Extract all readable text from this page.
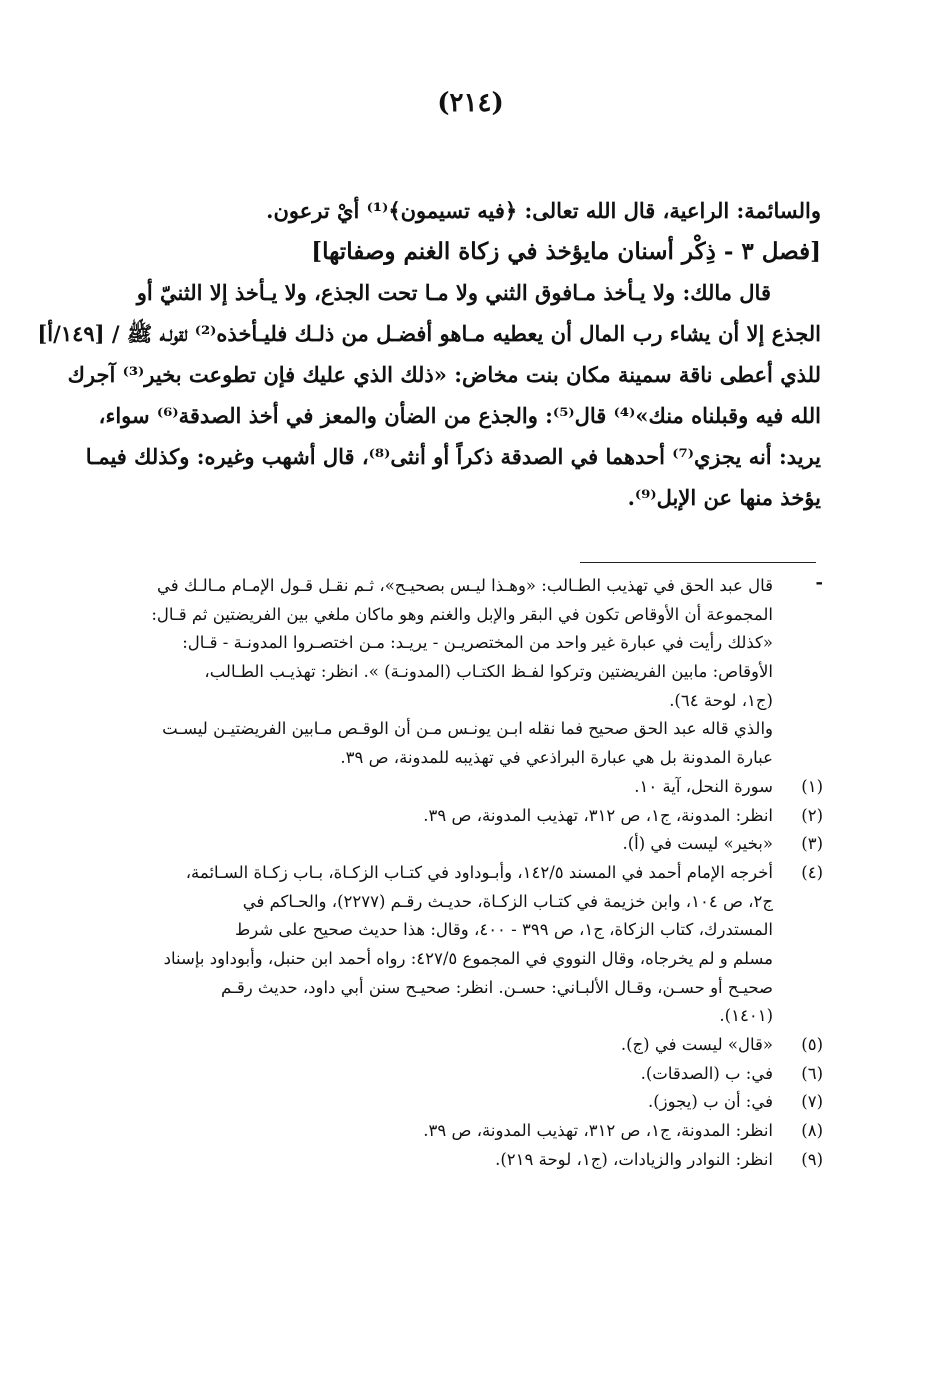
(٢١٤)
والسائمة: الراعية، قال الله تعالى: ﴿فيه تسيمون﴾⁽¹⁾ أيْ ترعون.
[فصل ٣ - ذِكْر أسنان مايؤخذ في زكاة الغنم وصفاتها]
قال مالك: ولا يـأخذ مـافوق الثني ولا مـا تحت الجذع، ولا يـأخذ إلا الثنيّ أو
الجذع إلا أن يشاء رب المال أن يعطيه مـاهو أفضـل من ذلـك فليـأخذه⁽²⁾ لقولـه ﷺ / [١٤٩/أ]
للذي أعطى ناقة سمينة مكان بنت مخاض: «ذلك الذي عليك فإن تطوعت بخير⁽³⁾ آجرك
الله فيه وقبلناه منك»⁽⁴⁾ قال⁽⁵⁾: والجذع من الضأن والمعز في أخذ الصدقة⁽⁶⁾ سواء،
يريد: أنه يجزي⁽⁷⁾ أحدهما في الصدقة ذكراً أو أنثى⁽⁸⁾، قال أشهب وغيره: وكذلك فيمـا
يؤخذ منها عن الإبل⁽⁹⁾.
-
قال عبد الحق في تهذيب الطـالب: «وهـذا ليـس بصحيـح»، ثـم نقـل قـول الإمـام مـالـك في
المجموعة أن الأوقاص تكون في البقر والإبل والغنم وهو ماكان ملغي بين الفريضتين ثم قـال:
«كذلك رأيت في عبارة غير واحد من المختصريـن - يريـد: مـن اختصـروا المدونـة - قـال:
الأوقاص: مابين الفريضتين وتركوا لفـظ الكتـاب (المدونـة) ». انظر: تهذيـب الطـالب،
(ج١، لوحة ٦٤).
والذي قاله عبد الحق صحيح فما نقله ابـن يونـس مـن أن الوقـص مـابين الفريضتيـن ليسـت
عبارة المدونة بل هي عبارة البراذعي في تهذيبه للمدونة، ص ٣٩.
(١)
سورة النحل، آية ١٠.
(٢)
انظر: المدونة، ج١، ص ٣١٢، تهذيب المدونة، ص ٣٩.
(٣)
«بخير» ليست في (أ).
(٤)
أخرجه الإمام أحمد في المسند ١٤٢/٥، وأبـوداود في كتـاب الزكـاة، بـاب زكـاة السـائمة،
ج٢، ص ١٠٤، وابن خزيمة في كتـاب الزكـاة، حديـث رقـم (٢٢٧٧)، والحـاكم في
المستدرك، كتاب الزكاة، ج١، ص ٣٩٩ - ٤٠٠، وقال: هذا حديث صحيح على شرط
مسلم و لم يخرجاه، وقال النووي في المجموع ٤٢٧/٥: رواه أحمد ابن حنبل، وأبوداود بإسناد
صحيـح أو حسـن، وقـال الألبـاني: حسـن. انظر: صحيـح سنن أبي داود، حديث رقـم
(١٤٠١).
(٥)
«قال» ليست في (ج).
(٦)
في: ب (الصدقات).
(٧)
في: أن ب (يجوز).
(٨)
انظر: المدونة، ج١، ص ٣١٢، تهذيب المدونة، ص ٣٩.
(٩)
انظر: النوادر والزيادات، (ج١، لوحة ٢١٩).
